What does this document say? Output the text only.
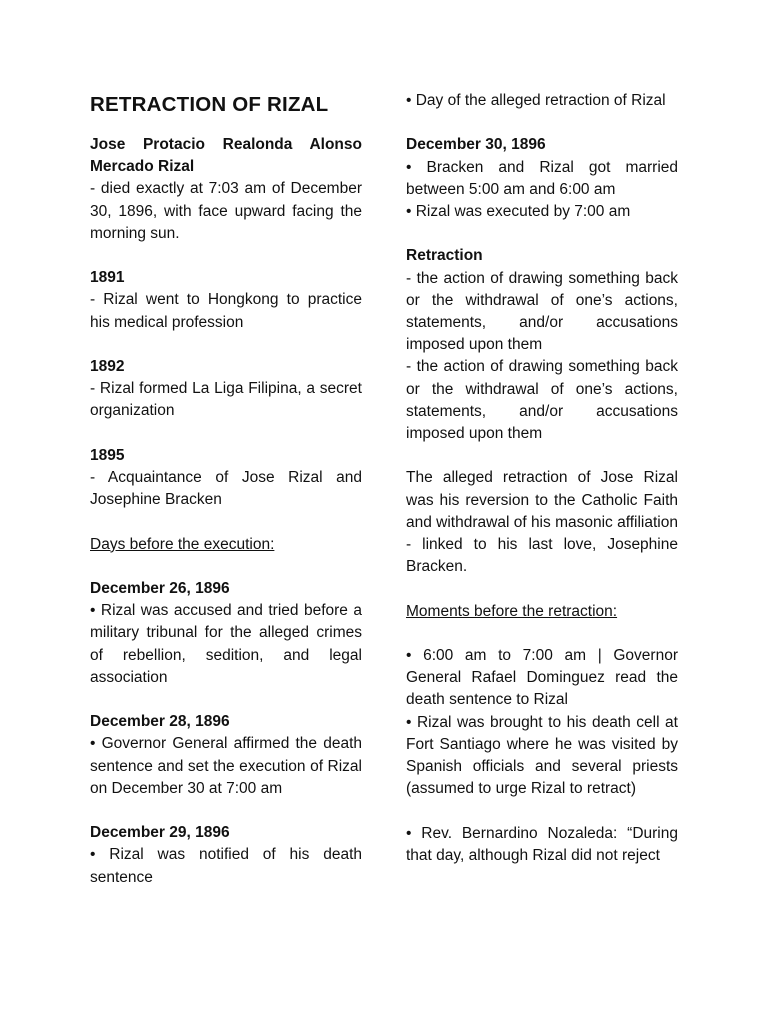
RETRACTION OF RIZAL
Jose Protacio Realonda Alonso Mercado Rizal
- died exactly at 7:03 am of December 30, 1896, with face upward facing the morning sun.
1891
- Rizal went to Hongkong to practice his medical profession
1892
- Rizal formed La Liga Filipina, a secret organization
1895
- Acquaintance of Jose Rizal and Josephine Bracken
Days before the execution:
December 26, 1896
• Rizal was accused and tried before a military tribunal for the alleged crimes of rebellion, sedition, and legal association
December 28, 1896
• Governor General affirmed the death sentence and set the execution of Rizal on December 30 at 7:00 am
December 29, 1896
• Rizal was notified of his death sentence
• Day of the alleged retraction of Rizal
December 30, 1896
• Bracken and Rizal got married between 5:00 am and 6:00 am
• Rizal was executed by 7:00 am
Retraction
- the action of drawing something back or the withdrawal of one’s actions, statements, and/or accusations imposed upon them
- the action of drawing something back or the withdrawal of one’s actions, statements, and/or accusations imposed upon them
The alleged retraction of Jose Rizal was his reversion to the Catholic Faith and withdrawal of his masonic affiliation - linked to his last love, Josephine Bracken.
Moments before the retraction:
• 6:00 am to 7:00 am | Governor General Rafael Dominguez read the death sentence to Rizal
• Rizal was brought to his death cell at Fort Santiago where he was visited by Spanish officials and several priests (assumed to urge Rizal to retract)
• Rev. Bernardino Nozaleda: “During that day, although Rizal did not reject
